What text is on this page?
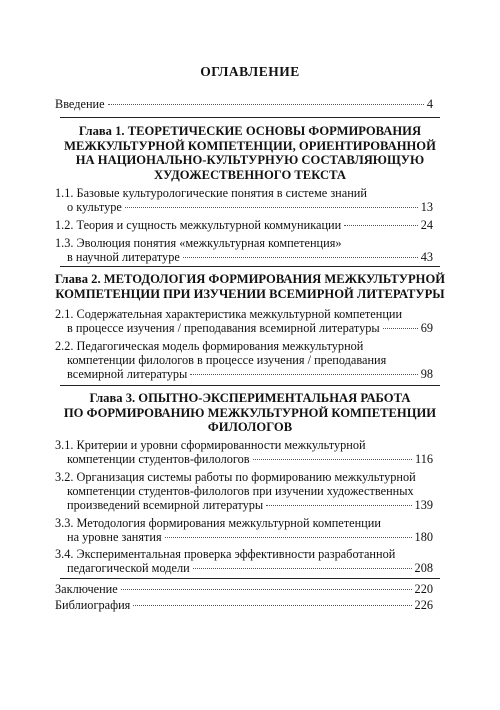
ОГЛАВЛЕНИЕ
Введение	4
Глава 1. ТЕОРЕТИЧЕСКИЕ ОСНОВЫ ФОРМИРОВАНИЯ
МЕЖКУЛЬТУРНОЙ КОМПЕТЕНЦИИ, ОРИЕНТИРОВАННОЙ
НА НАЦИОНАЛЬНО-КУЛЬТУРНУЮ СОСТАВЛЯЮЩУЮ
ХУДОЖЕСТВЕННОГО ТЕКСТА
1.1. Базовые культурологические понятия в системе знаний
о культуре	13
1.2. Теория и сущность межкультурной коммуникации	24
1.3. Эволюция понятия «межкультурная компетенция»
в научной литературе	43
Глава 2. МЕТОДОЛОГИЯ ФОРМИРОВАНИЯ МЕЖКУЛЬТУРНОЙ
КОМПЕТЕНЦИИ ПРИ ИЗУЧЕНИИ ВСЕМИРНОЙ ЛИТЕРАТУРЫ
2.1. Содержательная характеристика межкультурной компетенции
в процессе изучения / преподавания всемирной литературы	69
2.2. Педагогическая модель формирования межкультурной
компетенции филологов в процессе изучения / преподавания
всемирной литературы	98
Глава 3. ОПЫТНО-ЭКСПЕРИМЕНТАЛЬНАЯ РАБОТА
ПО ФОРМИРОВАНИЮ МЕЖКУЛЬТУРНОЙ КОМПЕТЕНЦИИ
ФИЛОЛОГОВ
3.1. Критерии и уровни сформированности межкультурной
компетенции студентов-филологов	116
3.2. Организация системы работы по формированию межкультурной
компетенции студентов-филологов при изучении художественных
произведений всемирной литературы	139
3.3. Методология формирования межкультурной компетенции
на уровне занятия	180
3.4. Экспериментальная проверка эффективности разработанной
педагогической модели	208
Заключение	220
Библиография	226
